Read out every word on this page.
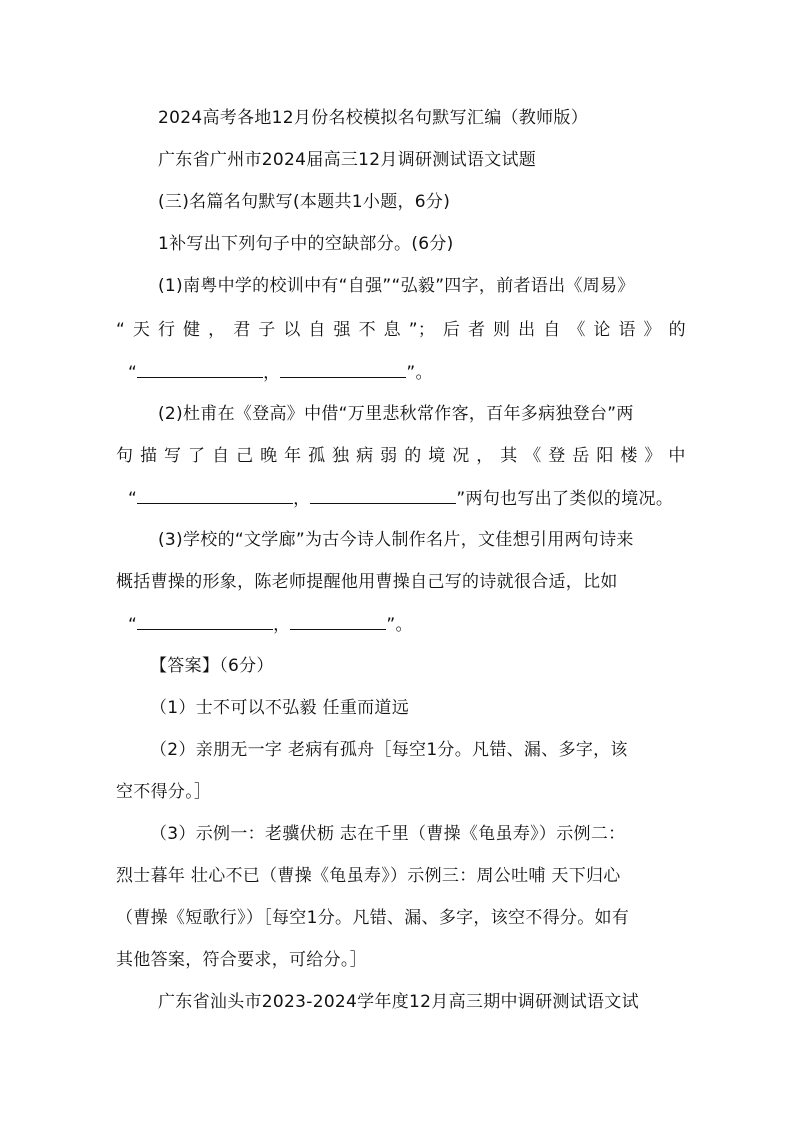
2024高考各地12月份名校模拟名句默写汇编（教师版）
广东省广州市2024届高三12月调研测试语文试题
(三)名篇名句默写(本题共1小题，6分)
1补写出下列句子中的空缺部分。(6分)
(1)南粤中学的校训中有“自强”“弘毅”四字，前者语出《周易》
“ 天 行 健 ， 君 子 以 自 强 不 息 ”； 后 者 则 出 自 《 论 语 》 的
“	，	”。
(2)杜甫在《登高》中借“万里悲秋常作客，百年多病独登台”两
句 描 写 了 自 己 晚 年 孤 独 病 弱 的 境 况 ， 其 《 登 岳 阳 楼 》 中
“	，	”两句也写出了类似的境况。
(3)学校的“文学廊”为古今诗人制作名片，文佳想引用两句诗来
概括曹操的形象，陈老师提醒他用曹操自己写的诗就很合适，比如
“	，	”。
【答案】（6分）
（1）士不可以不弘毅 任重而道远
（2）亲朋无一字 老病有孤舟［每空1分。凡错、漏、多字，该
空不得分。］
（3）示例一：老骥伏枥 志在千里（曹操《龟虽寿》）示例二：
烈士暮年 壮心不已（曹操《龟虽寿》）示例三：周公吐哺 天下归心
（曹操《短歌行》）［每空1分。凡错、漏、多字，该空不得分。如有
其他答案，符合要求，可给分。］
广东省汕头市2023-2024学年度12月高三期中调研测试语文试
